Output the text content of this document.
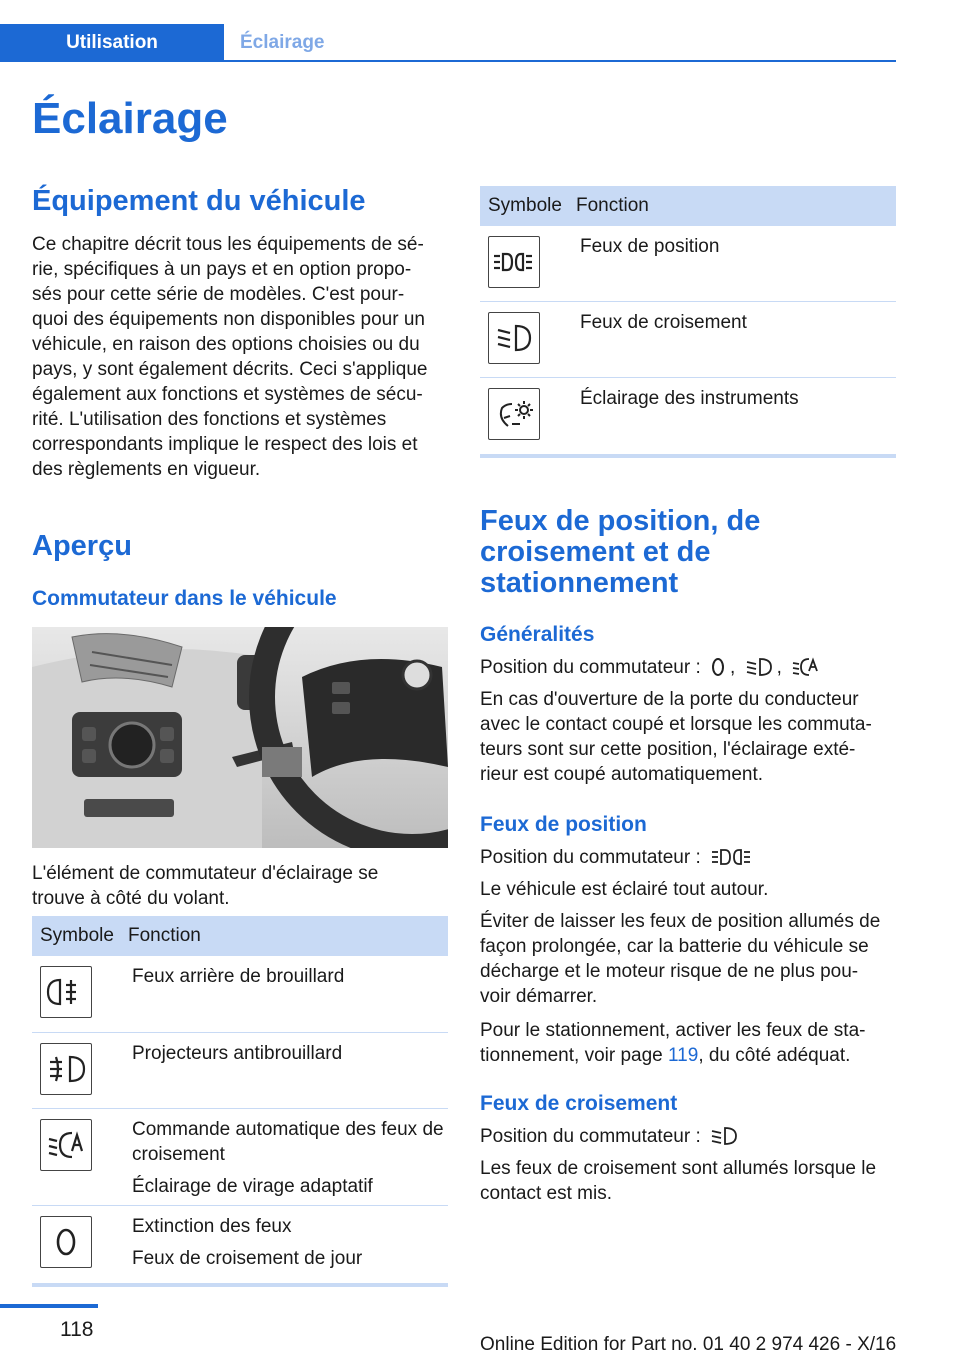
Utilisation	Éclairage
Éclairage
Équipement du véhicule
Ce chapitre décrit tous les équipements de sé‐
rie, spécifiques à un pays et en option propo‐
sés pour cette série de modèles. C'est pour‐
quoi des équipements non disponibles pour un
véhicule, en raison des options choisies ou du
pays, y sont également décrits. Ceci s'applique
également aux fonctions et systèmes de sécu‐
rité. L'utilisation des fonctions et systèmes
correspondants implique le respect des lois et
des règlements en vigueur.
Aperçu
Commutateur dans le véhicule
L'élément de commutateur d'éclairage se
trouve à côté du volant.
Symbole Fonction
Feux arrière de brouillard
Projecteurs antibrouillard
Commande automatique des feux de croisement
Éclairage de virage adaptatif
Extinction des feux
Feux de croisement de jour
Symbole Fonction
Feux de position
Feux de croisement
Éclairage des instruments
Feux de position, de
croisement et de
stationnement
Généralités
Position du commutateur : , ,
En cas d'ouverture de la porte du conducteur
avec le contact coupé et lorsque les commuta‐
teurs sont sur cette position, l'éclairage exté‐
rieur est coupé automatiquement.
Feux de position
Position du commutateur :
Le véhicule est éclairé tout autour.
Éviter de laisser les feux de position allumés de
façon prolongée, car la batterie du véhicule se
décharge et le moteur risque de ne plus pou‐
voir démarrer.
Pour le stationnement, activer les feux de sta‐
tionnement, voir page 119, du côté adéquat.
Feux de croisement
Position du commutateur :
Les feux de croisement sont allumés lorsque le
contact est mis.
118
Online Edition for Part no. 01 40 2 974 426 - X/16
